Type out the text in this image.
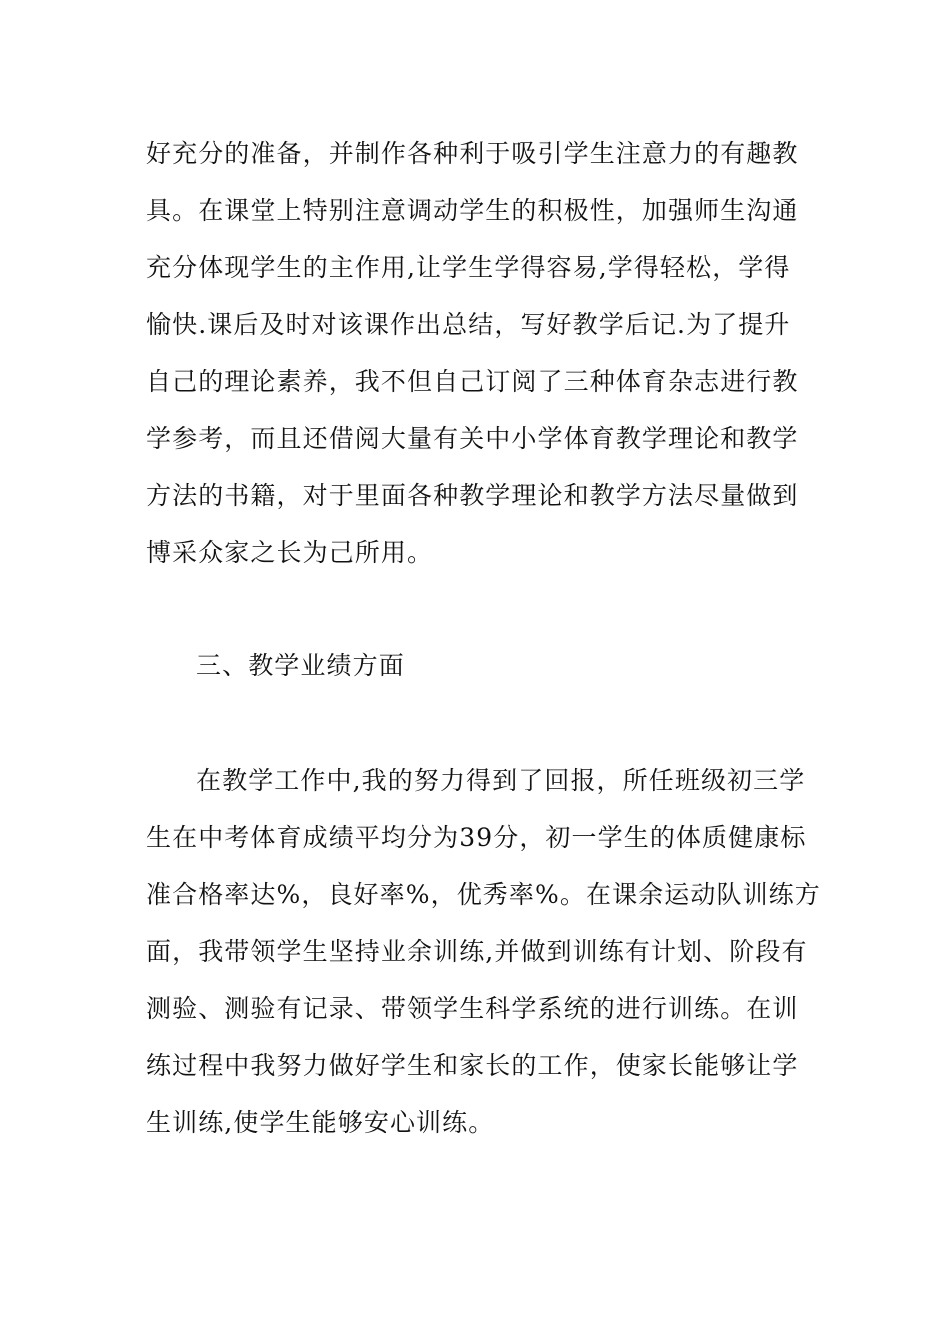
好充分的准备，并制作各种利于吸引学生注意力的有趣教
具。在课堂上特别注意调动学生的积极性，加强师生沟通
充分体现学生的主作用,让学生学得容易,学得轻松，学得
愉快.课后及时对该课作出总结，写好教学后记.为了提升
自己的理论素养，我不但自己订阅了三种体育杂志进行教
学参考，而且还借阅大量有关中小学体育教学理论和教学
方法的书籍，对于里面各种教学理论和教学方法尽量做到
博采众家之长为己所用。
三、教学业绩方面
在教学工作中,我的努力得到了回报，所任班级初三学
生在中考体育成绩平均分为39分，初一学生的体质健康标
准合格率达%，良好率%，优秀率%。在课余运动队训练方
面，我带领学生坚持业余训练,并做到训练有计划、阶段有
测验、测验有记录、带领学生科学系统的进行训练。在训
练过程中我努力做好学生和家长的工作，使家长能够让学
生训练,使学生能够安心训练。
